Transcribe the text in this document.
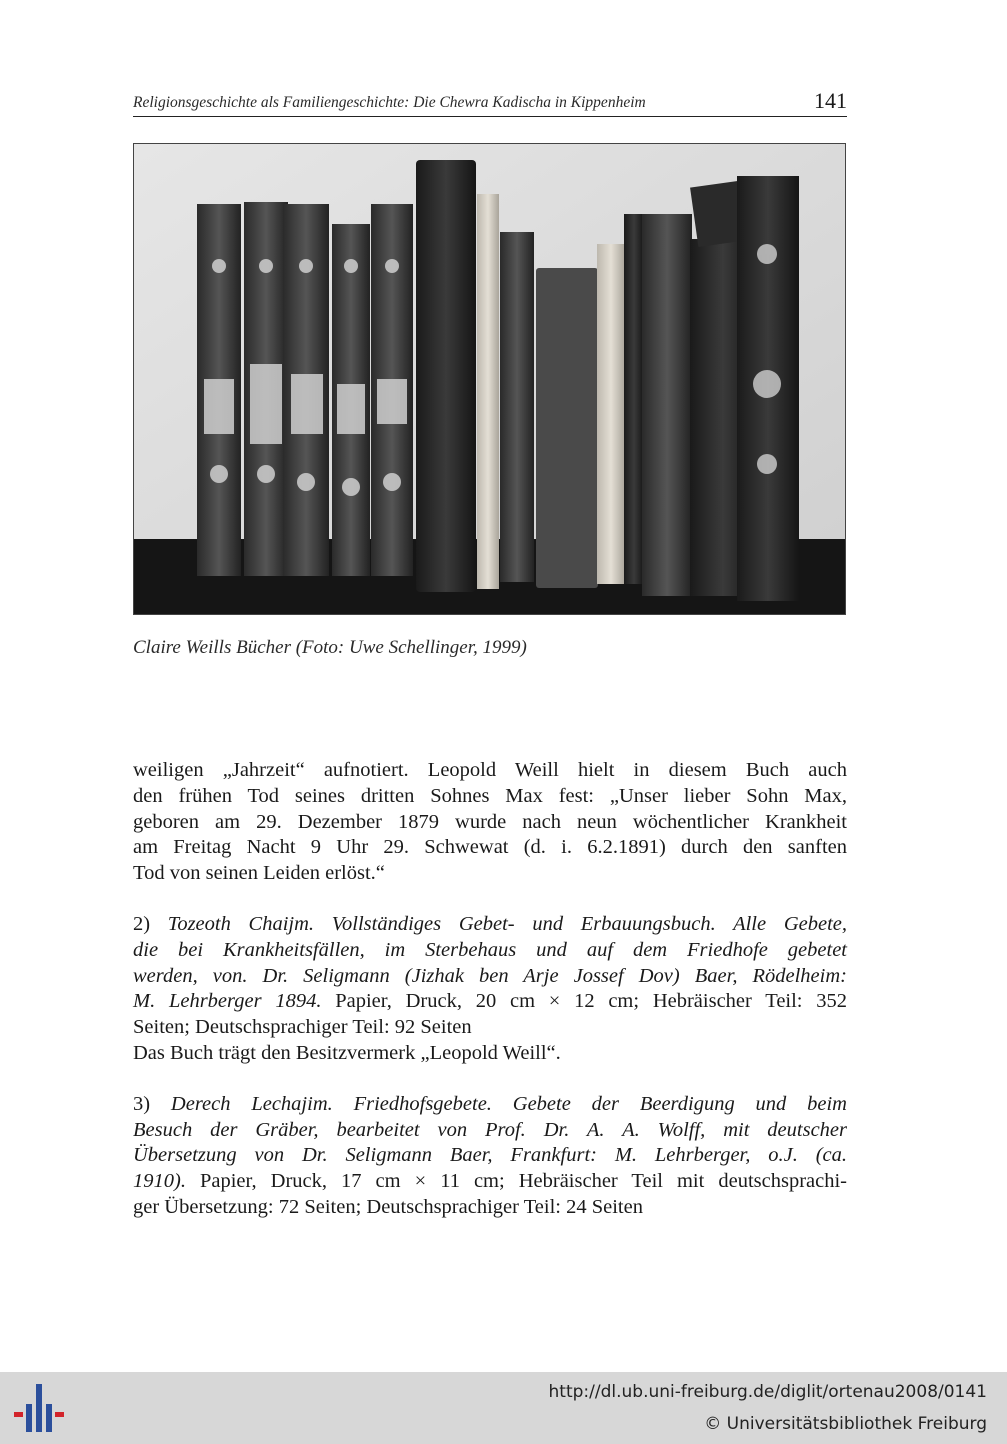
Religionsgeschichte als Familiengeschichte: Die Chewra Kadischa in Kippenheim	141
Claire Weills Bücher (Foto: Uwe Schellinger, 1999)

weiligen „Jahrzeit“ aufnotiert. Leopold Weill hielt in diesem Buch auch
den frühen Tod seines dritten Sohnes Max fest: „Unser lieber Sohn Max,
geboren am 29. Dezember 1879 wurde nach neun wöchentlicher Krankheit
am Freitag Nacht 9 Uhr 29. Schwewat (d. i. 6.2.1891) durch den sanften
Tod von seinen Leiden erlöst.“

2) Tozeoth Chaijm. Vollständiges Gebet- und Erbauungsbuch. Alle Gebete,
die bei Krankheitsfällen, im Sterbehaus und auf dem Friedhofe gebetet
werden, von. Dr. Seligmann (Jizhak ben Arje Jossef Dov) Baer, Rödelheim:
M. Lehrberger 1894. Papier, Druck, 20 cm × 12 cm; Hebräischer Teil: 352
Seiten; Deutschsprachiger Teil: 92 Seiten
Das Buch trägt den Besitzvermerk „Leopold Weill“.

3) Derech Lechajim. Friedhofsgebete. Gebete der Beerdigung und beim
Besuch der Gräber, bearbeitet von Prof. Dr. A. A. Wolff, mit deutscher
Übersetzung von Dr. Seligmann Baer, Frankfurt: M. Lehrberger, o.J. (ca.
1910). Papier, Druck, 17 cm × 11 cm; Hebräischer Teil mit deutschsprachi-
ger Übersetzung: 72 Seiten; Deutschsprachiger Teil: 24 Seiten

http://dl.ub.uni-freiburg.de/diglit/ortenau2008/0141
© Universitätsbibliothek Freiburg
